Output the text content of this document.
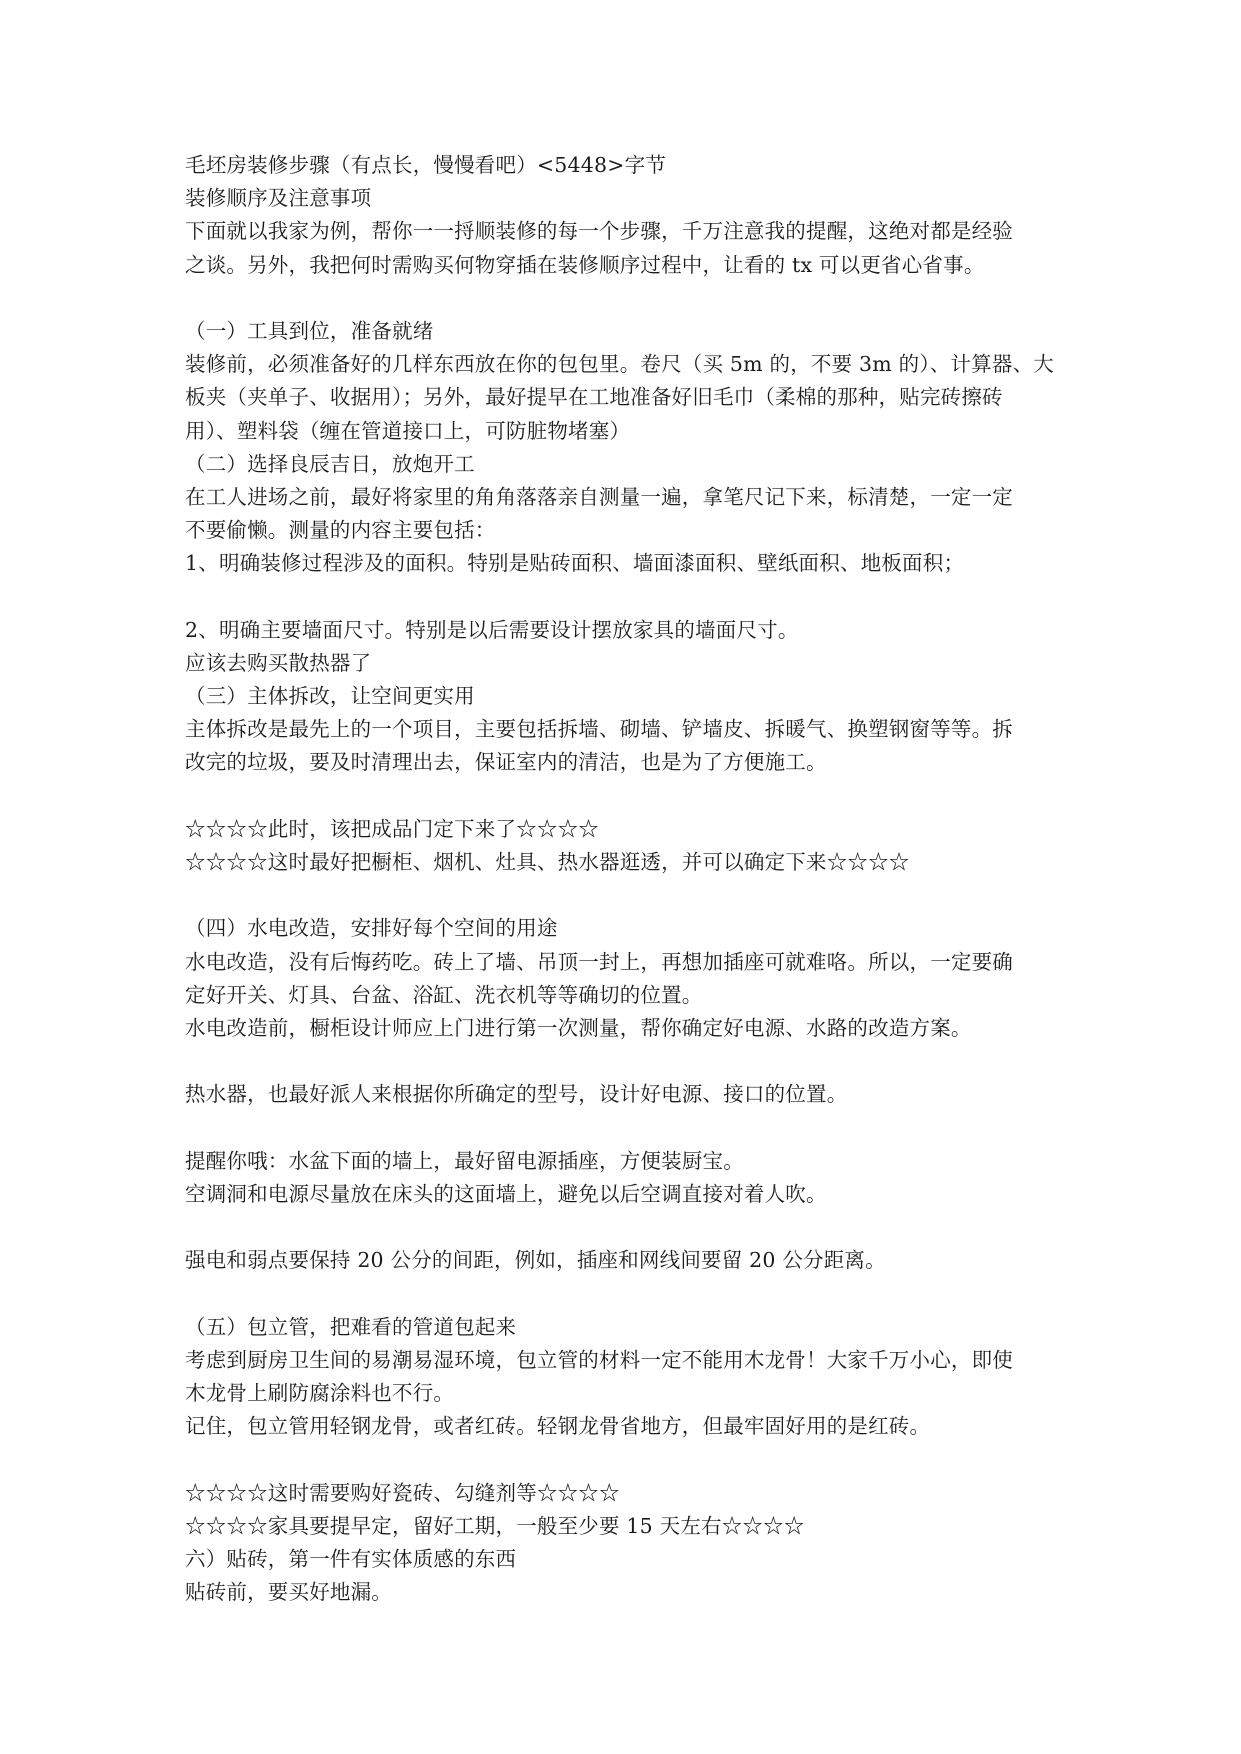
毛坯房装修步骤（有点长，慢慢看吧）<5448>字节
装修顺序及注意事项
下面就以我家为例，帮你一一捋顺装修的每一个步骤，千万注意我的提醒，这绝对都是经验
之谈。另外，我把何时需购买何物穿插在装修顺序过程中，让看的 tx 可以更省心省事。
（一）工具到位，准备就绪
装修前，必须准备好的几样东西放在你的包包里。卷尺（买 5m 的，不要 3m 的）、计算器、大
板夹（夹单子、收据用）；另外，最好提早在工地准备好旧毛巾（柔棉的那种，贴完砖擦砖
用）、塑料袋（缠在管道接口上，可防脏物堵塞）
（二）选择良辰吉日，放炮开工
在工人进场之前，最好将家里的角角落落亲自测量一遍，拿笔尺记下来，标清楚，一定一定
不要偷懒。测量的内容主要包括：
1、明确装修过程涉及的面积。特别是贴砖面积、墙面漆面积、壁纸面积、地板面积；
2、明确主要墙面尺寸。特别是以后需要设计摆放家具的墙面尺寸。
应该去购买散热器了
（三）主体拆改，让空间更实用
主体拆改是最先上的一个项目，主要包括拆墙、砌墙、铲墙皮、拆暖气、换塑钢窗等等。拆
改完的垃圾，要及时清理出去，保证室内的清洁，也是为了方便施工。
☆☆☆☆此时，该把成品门定下来了☆☆☆☆
☆☆☆☆这时最好把橱柜、烟机、灶具、热水器逛透，并可以确定下来☆☆☆☆
（四）水电改造，安排好每个空间的用途
水电改造，没有后悔药吃。砖上了墙、吊顶一封上，再想加插座可就难咯。所以，一定要确
定好开关、灯具、台盆、浴缸、洗衣机等等确切的位置。
水电改造前，橱柜设计师应上门进行第一次测量，帮你确定好电源、水路的改造方案。
热水器，也最好派人来根据你所确定的型号，设计好电源、接口的位置。
提醒你哦：水盆下面的墙上，最好留电源插座，方便装厨宝。
空调洞和电源尽量放在床头的这面墙上，避免以后空调直接对着人吹。
强电和弱点要保持 20 公分的间距，例如，插座和网线间要留 20 公分距离。
（五）包立管，把难看的管道包起来
考虑到厨房卫生间的易潮易湿环境，包立管的材料一定不能用木龙骨！大家千万小心，即使
木龙骨上刷防腐涂料也不行。
记住，包立管用轻钢龙骨，或者红砖。轻钢龙骨省地方，但最牢固好用的是红砖。
☆☆☆☆这时需要购好瓷砖、勾缝剂等☆☆☆☆
☆☆☆☆家具要提早定，留好工期，一般至少要 15 天左右☆☆☆☆
六）贴砖，第一件有实体质感的东西
贴砖前，要买好地漏。
